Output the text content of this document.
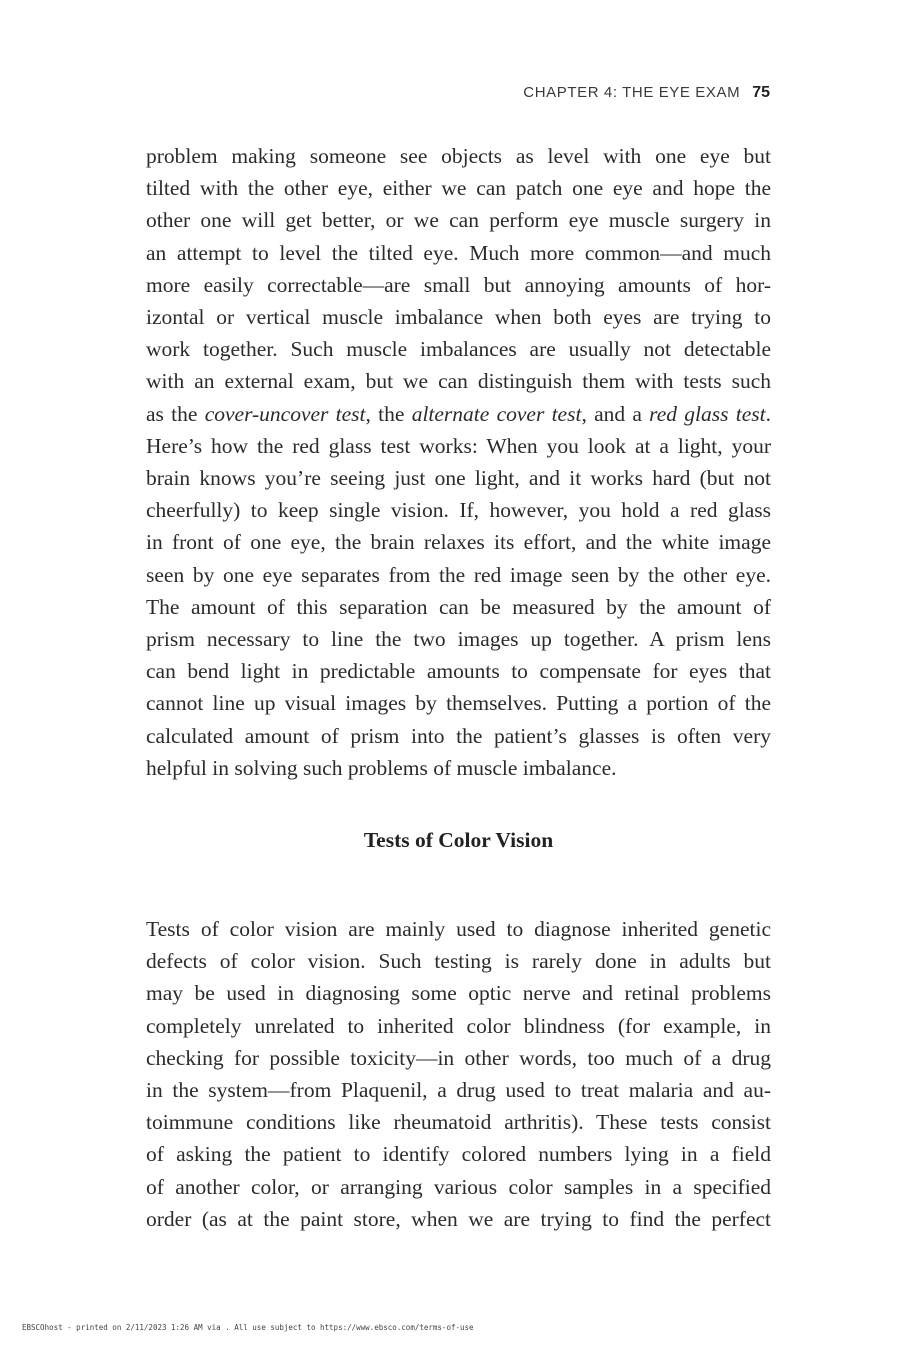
CHAPTER 4: THE EYE EXAM 75
problem making someone see objects as level with one eye but
tilted with the other eye, either we can patch one eye and hope the
other one will get better, or we can perform eye muscle surgery in
an attempt to level the tilted eye. Much more common—and much
more easily correctable—are small but annoying amounts of hor-
izontal or vertical muscle imbalance when both eyes are trying to
work together. Such muscle imbalances are usually not detectable
with an external exam, but we can distinguish them with tests such
as the cover-uncover test, the alternate cover test, and a red glass test.
Here’s how the red glass test works: When you look at a light, your
brain knows you’re seeing just one light, and it works hard (but not
cheerfully) to keep single vision. If, however, you hold a red glass
in front of one eye, the brain relaxes its effort, and the white image
seen by one eye separates from the red image seen by the other eye.
The amount of this separation can be measured by the amount of
prism necessary to line the two images up together. A prism lens
can bend light in predictable amounts to compensate for eyes that
cannot line up visual images by themselves. Putting a portion of the
calculated amount of prism into the patient’s glasses is often very
helpful in solving such problems of muscle imbalance.
Tests of Color Vision
Tests of color vision are mainly used to diagnose inherited genetic
defects of color vision. Such testing is rarely done in adults but
may be used in diagnosing some optic nerve and retinal problems
completely unrelated to inherited color blindness (for example, in
checking for possible toxicity—in other words, too much of a drug
in the system—from Plaquenil, a drug used to treat malaria and au-
toimmune conditions like rheumatoid arthritis). These tests consist
of asking the patient to identify colored numbers lying in a field
of another color, or arranging various color samples in a specified
order (as at the paint store, when we are trying to find the perfect
EBSCOhost - printed on 2/11/2023 1:26 AM via . All use subject to https://www.ebsco.com/terms-of-use
